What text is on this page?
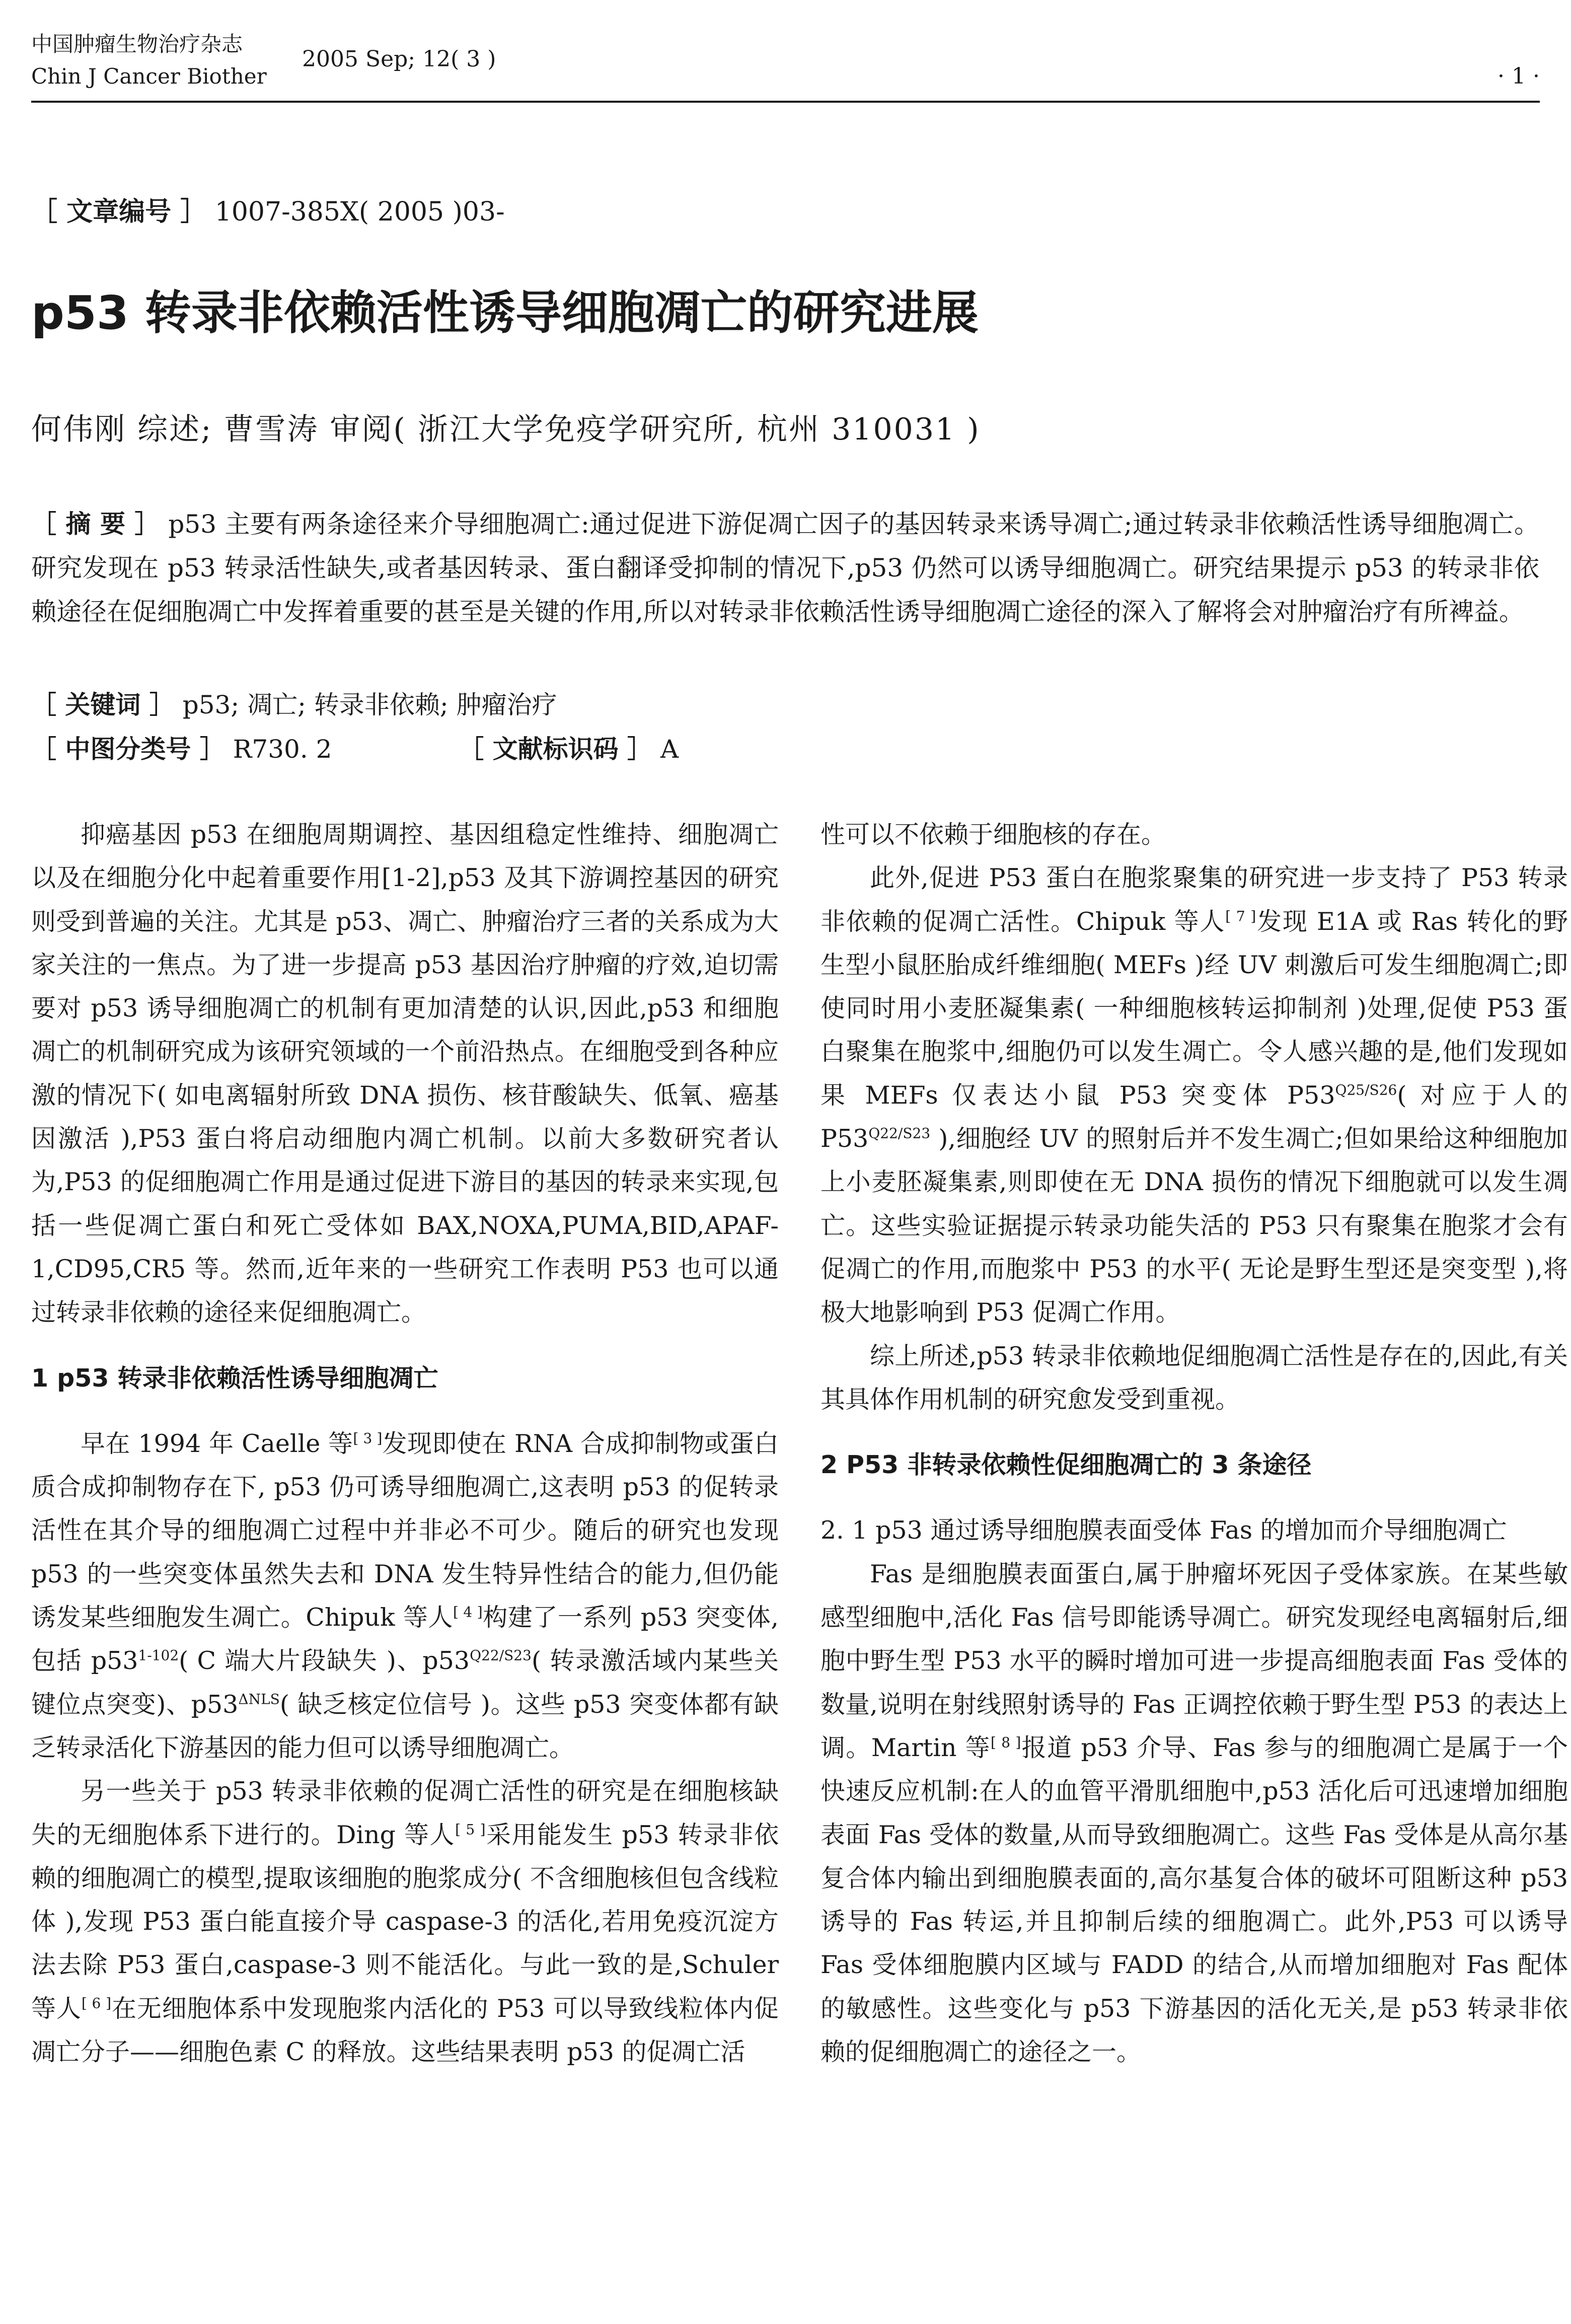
中国肿瘤生物治疗杂志
Chin J Cancer Biother
2005 Sep; 12( 3 )
· 1 ·
［ 文章编号 ］ 1007-385X( 2005 )03-
p53 转录非依赖活性诱导细胞凋亡的研究进展
何伟刚 综述; 曹雪涛 审阅( 浙江大学免疫学研究所, 杭州 310031 )
［ 摘 要 ］ p53 主要有两条途径来介导细胞凋亡:通过促进下游促凋亡因子的基因转录来诱导凋亡;通过转录非依赖活性诱导细胞凋亡。研究发现在 p53 转录活性缺失,或者基因转录、蛋白翻译受抑制的情况下,p53 仍然可以诱导细胞凋亡。研究结果提示 p53 的转录非依赖途径在促细胞凋亡中发挥着重要的甚至是关键的作用,所以对转录非依赖活性诱导细胞凋亡途径的深入了解将会对肿瘤治疗有所裨益。
［ 关键词 ］ p53; 凋亡; 转录非依赖; 肿瘤治疗
［ 中图分类号 ］ R730. 2	［ 文献标识码 ］ A

抑癌基因 p53 在细胞周期调控、基因组稳定性维持、细胞凋亡以及在细胞分化中起着重要作用[1-2],p53 及其下游调控基因的研究则受到普遍的关注。尤其是 p53、凋亡、肿瘤治疗三者的关系成为大家关注的一焦点。为了进一步提高 p53 基因治疗肿瘤的疗效,迫切需要对 p53 诱导细胞凋亡的机制有更加清楚的认识,因此,p53 和细胞凋亡的机制研究成为该研究领域的一个前沿热点。在细胞受到各种应激的情况下( 如电离辐射所致 DNA 损伤、核苷酸缺失、低氧、癌基因激活 ),P53 蛋白将启动细胞内凋亡机制。以前大多数研究者认为,P53 的促细胞凋亡作用是通过促进下游目的基因的转录来实现,包括一些促凋亡蛋白和死亡受体如 BAX,NOXA,PUMA,BID,APAF-1,CD95,CR5 等。然而,近年来的一些研究工作表明 P53 也可以通过转录非依赖的途径来促细胞凋亡。

1 p53 转录非依赖活性诱导细胞凋亡

早在 1994 年 Caelle 等[ 3 ]发现即使在 RNA 合成抑制物或蛋白质合成抑制物存在下, p53 仍可诱导细胞凋亡,这表明 p53 的促转录活性在其介导的细胞凋亡过程中并非必不可少。随后的研究也发现 p53 的一些突变体虽然失去和 DNA 发生特异性结合的能力,但仍能诱发某些细胞发生凋亡。Chipuk 等人[ 4 ]构建了一系列 p53 突变体,包括 p53$^{1-102}$( C 端大片段缺失 )、$p53^{Q22/S23}$( 转录激活域内某些关键位点突变)、$p53^{\Delta NLS}$( 缺乏核定位信号 )。这些 p53 突变体都有缺乏转录活化下游基因的能力但可以诱导细胞凋亡。

另一些关于 p53 转录非依赖的促凋亡活性的研究是在细胞核缺失的无细胞体系下进行的。Ding 等人[ 5 ]采用能发生 p53 转录非依赖的细胞凋亡的模型,提取该细胞的胞浆成分( 不含细胞核但包含线粒体 ),发现 P53 蛋白能直接介导 caspase-3 的活化,若用免疫沉淀方法去除 P53 蛋白,caspase-3 则不能活化。与此一致的是,Schuler 等人[ 6 ]在无细胞体系中发现胞浆内活化的 P53 可以导致线粒体内促凋亡分子——细胞色素 C 的释放。这些结果表明 p53 的促凋亡活

性可以不依赖于细胞核的存在。

此外,促进 P53 蛋白在胞浆聚集的研究进一步支持了 P53 转录非依赖的促凋亡活性。Chipuk 等人[ 7 ]发现 E1A 或 Ras 转化的野生型小鼠胚胎成纤维细胞( MEFs )经 UV 刺激后可发生细胞凋亡;即使同时用小麦胚凝集素( 一种细胞核转运抑制剂 )处理,促使 P53 蛋白聚集在胞浆中,细胞仍可以发生凋亡。令人感兴趣的是,他们发现如果 MEFs 仅表达小鼠 P53 突变体 $P53^{Q25/S26}$( 对应于人的 $P53^{Q22/S23}$ ),细胞经 UV 的照射后并不发生凋亡;但如果给这种细胞加上小麦胚凝集素,则即使在无 DNA 损伤的情况下细胞就可以发生凋亡。这些实验证据提示转录功能失活的 P53 只有聚集在胞浆才会有促凋亡的作用,而胞浆中 P53 的水平( 无论是野生型还是突变型 ),将极大地影响到 P53 促凋亡作用。

综上所述,p53 转录非依赖地促细胞凋亡活性是存在的,因此,有关其具体作用机制的研究愈发受到重视。

2 P53 非转录依赖性促细胞凋亡的 3 条途径
2. 1 p53 通过诱导细胞膜表面受体 Fas 的增加而介导细胞凋亡

Fas 是细胞膜表面蛋白,属于肿瘤坏死因子受体家族。在某些敏感型细胞中,活化 Fas 信号即能诱导凋亡。研究发现经电离辐射后,细胞中野生型 P53 水平的瞬时增加可进一步提高细胞表面 Fas 受体的数量,说明在射线照射诱导的 Fas 正调控依赖于野生型 P53 的表达上调。Martin 等[ 8 ]报道 p53 介导、Fas 参与的细胞凋亡是属于一个快速反应机制:在人的血管平滑肌细胞中,p53 活化后可迅速增加细胞表面 Fas 受体的数量,从而导致细胞凋亡。这些 Fas 受体是从高尔基复合体内输出到细胞膜表面的,高尔基复合体的破坏可阻断这种 p53 诱导的 Fas 转运,并且抑制后续的细胞凋亡。此外,P53 可以诱导 Fas 受体细胞膜内区域与 FADD 的结合,从而增加细胞对 Fas 配体的敏感性。这些变化与 p53 下游基因的活化无关,是 p53 转录非依赖的促细胞凋亡的途径之一。
